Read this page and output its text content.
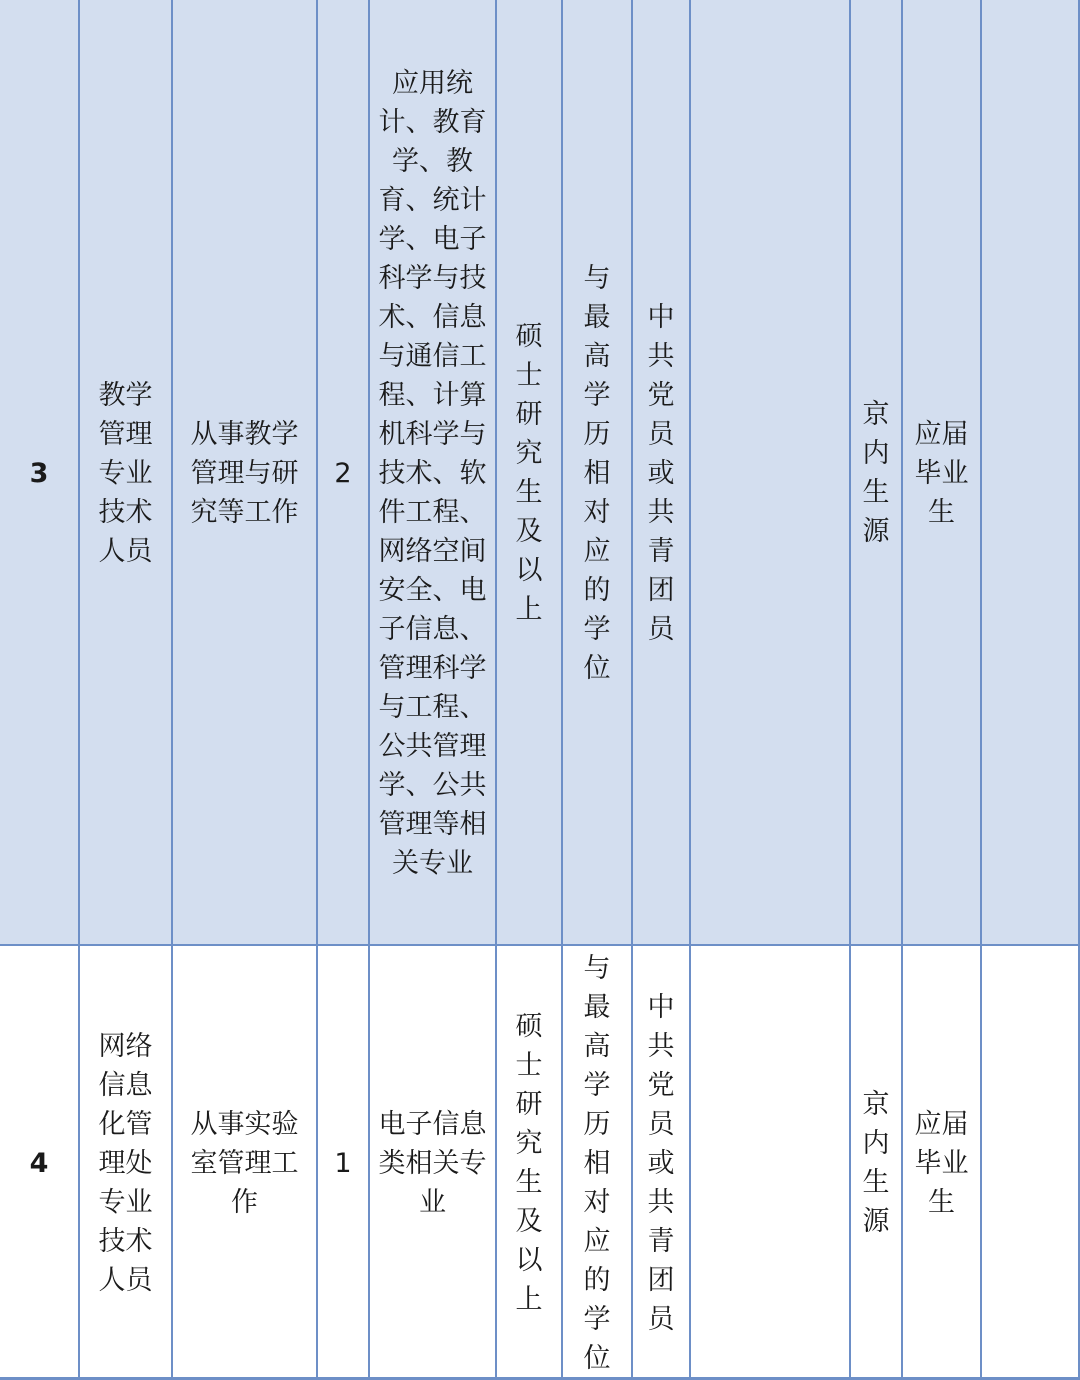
3
教学管理专业技术人员
从事教学管理与研究等工作
2
应用统计、教育学、教育、统计学、电子科学与技术、信息与通信工程、计算机科学与技术、软件工程、网络空间安全、电子信息、管理科学与工程、公共管理学、公共管理等相关专业
硕士研究生及以上
与最高学历相对应的学位
中共党员或共青团员
京内生源
应届毕业生
4
网络信息化管理处专业技术人员
从事实验室管理工作
1
电子信息类相关专业
硕士研究生及以上
与最高学历相对应的学位
中共党员或共青团员
京内生源
应届毕业生
